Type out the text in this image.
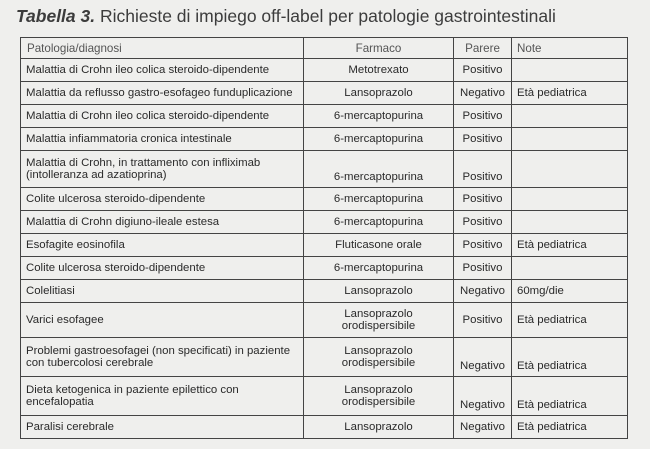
Tabella 3. Richieste di impiego off-label per patologie gastrointestinali
Patologia/diagnosi	Farmaco	Parere	Note
Malattia di Crohn ileo colica steroido-dipendente	Metotrexato	Positivo	
Malattia da reflusso gastro-esofageo funduplicazione	Lansoprazolo	Negativo	Età pediatrica
Malattia di Crohn ileo colica steroido-dipendente	6-mercaptopurina	Positivo	
Malattia infiammatoria cronica intestinale	6-mercaptopurina	Positivo	
Malattia di Crohn, in trattamento con infliximab (intolleranza ad azatioprina)	6-mercaptopurina	Positivo	
Colite ulcerosa steroido-dipendente	6-mercaptopurina	Positivo	
Malattia di Crohn digiuno-ileale estesa	6-mercaptopurina	Positivo	
Esofagite eosinofila	Fluticasone orale	Positivo	Età pediatrica
Colite ulcerosa steroido-dipendente	6-mercaptopurina	Positivo	
Colelitiasi	Lansoprazolo	Negativo	60mg/die
Varici esofagee	Lansoprazolo orodispersibile	Positivo	Età pediatrica
Problemi gastroesofagei (non specificati) in paziente con tubercolosi cerebrale	Lansoprazolo orodispersibile	Negativo	Età pediatrica
Dieta ketogenica in paziente epilettico con encefalopatia	Lansoprazolo orodispersibile	Negativo	Età pediatrica
Paralisi cerebrale	Lansoprazolo	Negativo	Età pediatrica
